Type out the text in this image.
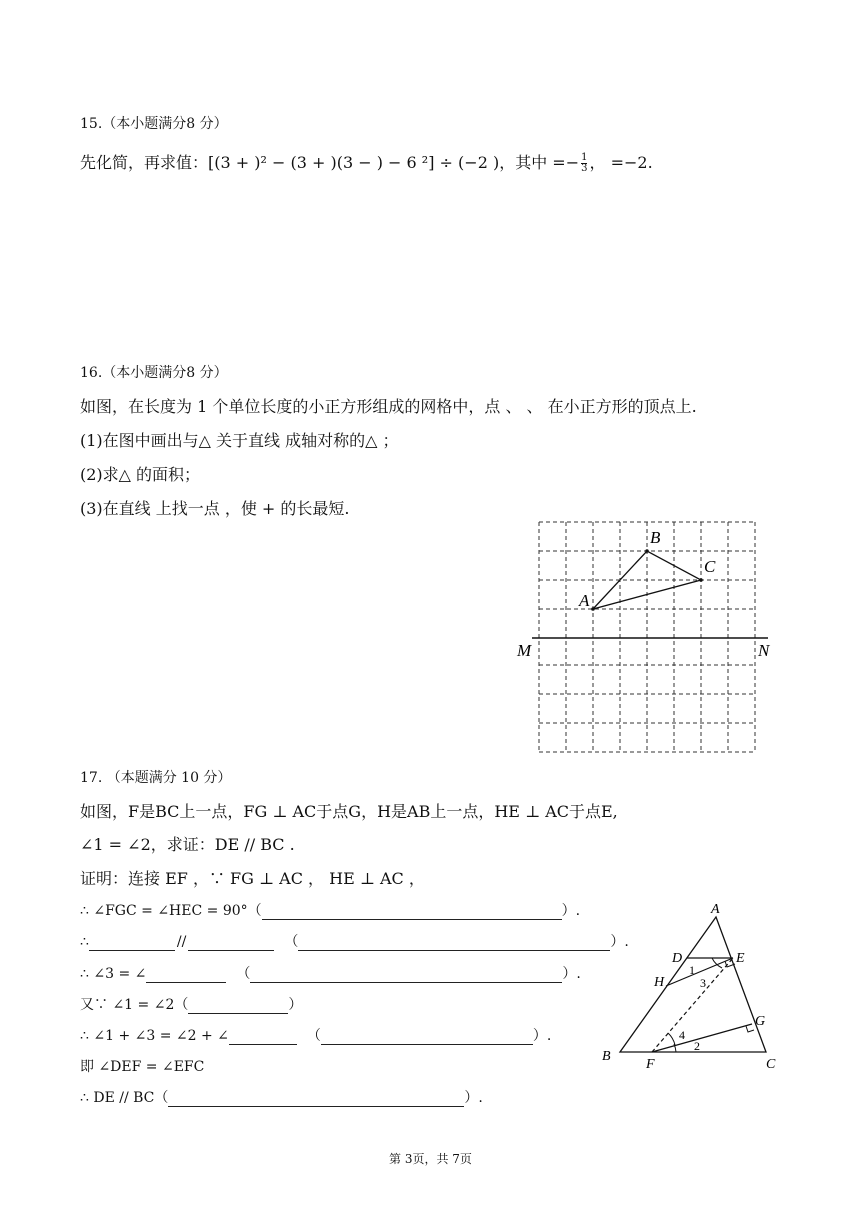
15.（本小题满分8 分）
先化简，再求值：[(3 + )² − (3 + )(3 − ) − 6 ²] ÷ (−2 )，其中 =− $\frac{1}{3}$ ， =−2.
16.（本小题满分8 分）
如图，在长度为 1 个单位长度的小正方形组成的网格中，点 、 、 在小正方形的顶点上.
(1)在图中画出与△ 关于直线 成轴对称的△ ；
(2)求△ 的面积；
(3)在直线 上找一点 ，使 + 的长最短.
A
B
C
M	N
17. （本题满分 10 分）
如图，F是BC上一点，FG ⊥ AC于点G，H是AB上一点，HE ⊥ AC于点E,
∠1 = ∠2，求证：DE // BC .
证明：连接 EF ，∵ FG ⊥ AC ， HE ⊥ AC ，
∴ ∠FGC = ∠HEC = 90°（	）.
∴	//	（	）.
∴ ∠3 = ∠	（	）.
又∵ ∠1 = ∠2（	）
∴ ∠1 + ∠3 = ∠2 + ∠	（	）.
即 ∠DEF = ∠EFC
∴ DE // BC（	）.
A
B
C
D	E
F
G
H
1
2
3
4
第 3页，共 7页
